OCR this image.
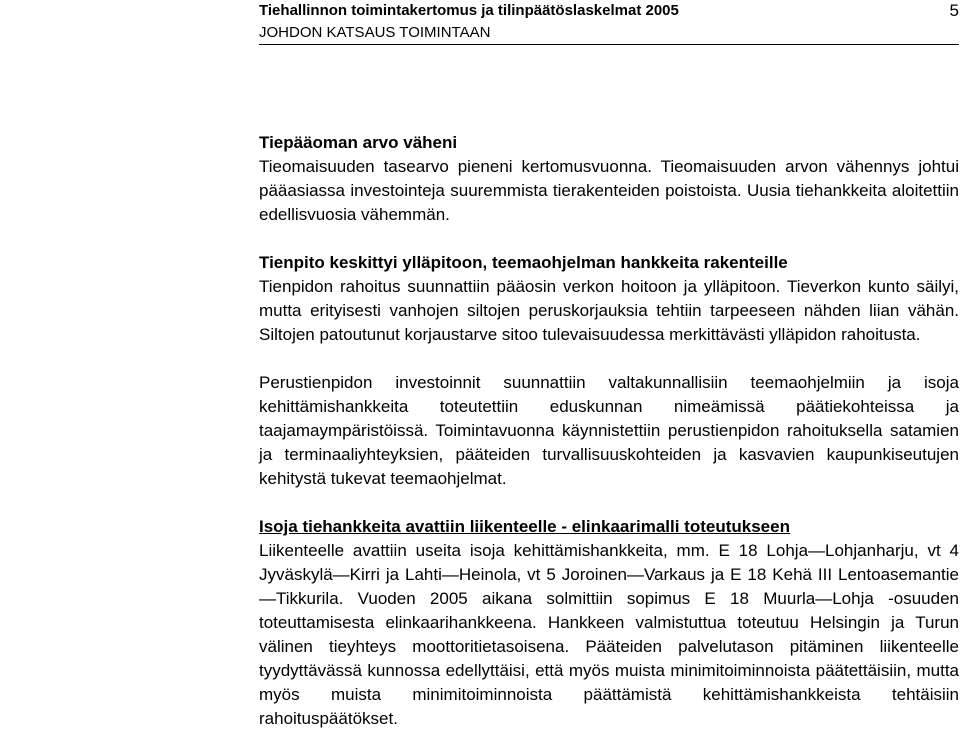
Tiehallinnon toimintakertomus ja tilinpäätöslaskelmat 2005
JOHDON KATSAUS TOIMINTAAN
5

Tiepääoman arvo väheni

Tieomaisuuden tasearvo pieneni kertomusvuonna. Tieomaisuuden arvon vähennys johtui pääasiassa investointeja suuremmista tierakenteiden poistoista. Uusia tiehankkeita aloitettiin edellisvuosia vähemmän.

Tienpito keskittyi ylläpitoon, teemaohjelman hankkeita rakenteille

Tienpidon rahoitus suunnattiin pääosin verkon hoitoon ja ylläpitoon. Tieverkon kunto säilyi, mutta erityisesti vanhojen siltojen peruskorjauksia tehtiin tarpeeseen nähden liian vähän. Siltojen patoutunut korjaustarve sitoo tulevaisuudessa merkittävästi ylläpidon rahoitusta.

Perustienpidon investoinnit suunnattiin valtakunnallisiin teemaohjelmiin ja isoja kehittämishankkeita toteutettiin eduskunnan nimeämissä päätiekohteissa ja taajamaympäristöissä. Toimintavuonna käynnistettiin perustienpidon rahoituksella satamien ja terminaaliyhteyksien, pääteiden turvallisuuskohteiden ja kasvavien kaupunkiseutujen kehitystä tukevat teemaohjelmat.

Isoja tiehankkeita avattiin liikenteelle - elinkaarimalli toteutukseen

Liikenteelle avattiin useita isoja kehittämishankkeita, mm. E 18 Lohja—Lohjanharju, vt 4 Jyväskylä—Kirri ja Lahti—Heinola, vt 5 Joroinen—Varkaus ja E 18 Kehä III Lentoasemantie—Tikkurila. Vuoden 2005 aikana solmittiin sopimus E 18 Muurla—Lohja -osuuden toteuttamisesta elinkaarihankkeena. Hankkeen valmistuttua toteutuu Helsingin ja Turun välinen tieyhteys moottoritietasoisena. Pääteiden palvelutason pitäminen liikenteelle tyydyttävässä kunnossa edellyttäisi, että myös muista minimitoiminnoista päätettäisiin, mutta myös muista minimitoiminnoista päättämistä kehittämishankkeista tehtäisiin rahoituspäätökset.
